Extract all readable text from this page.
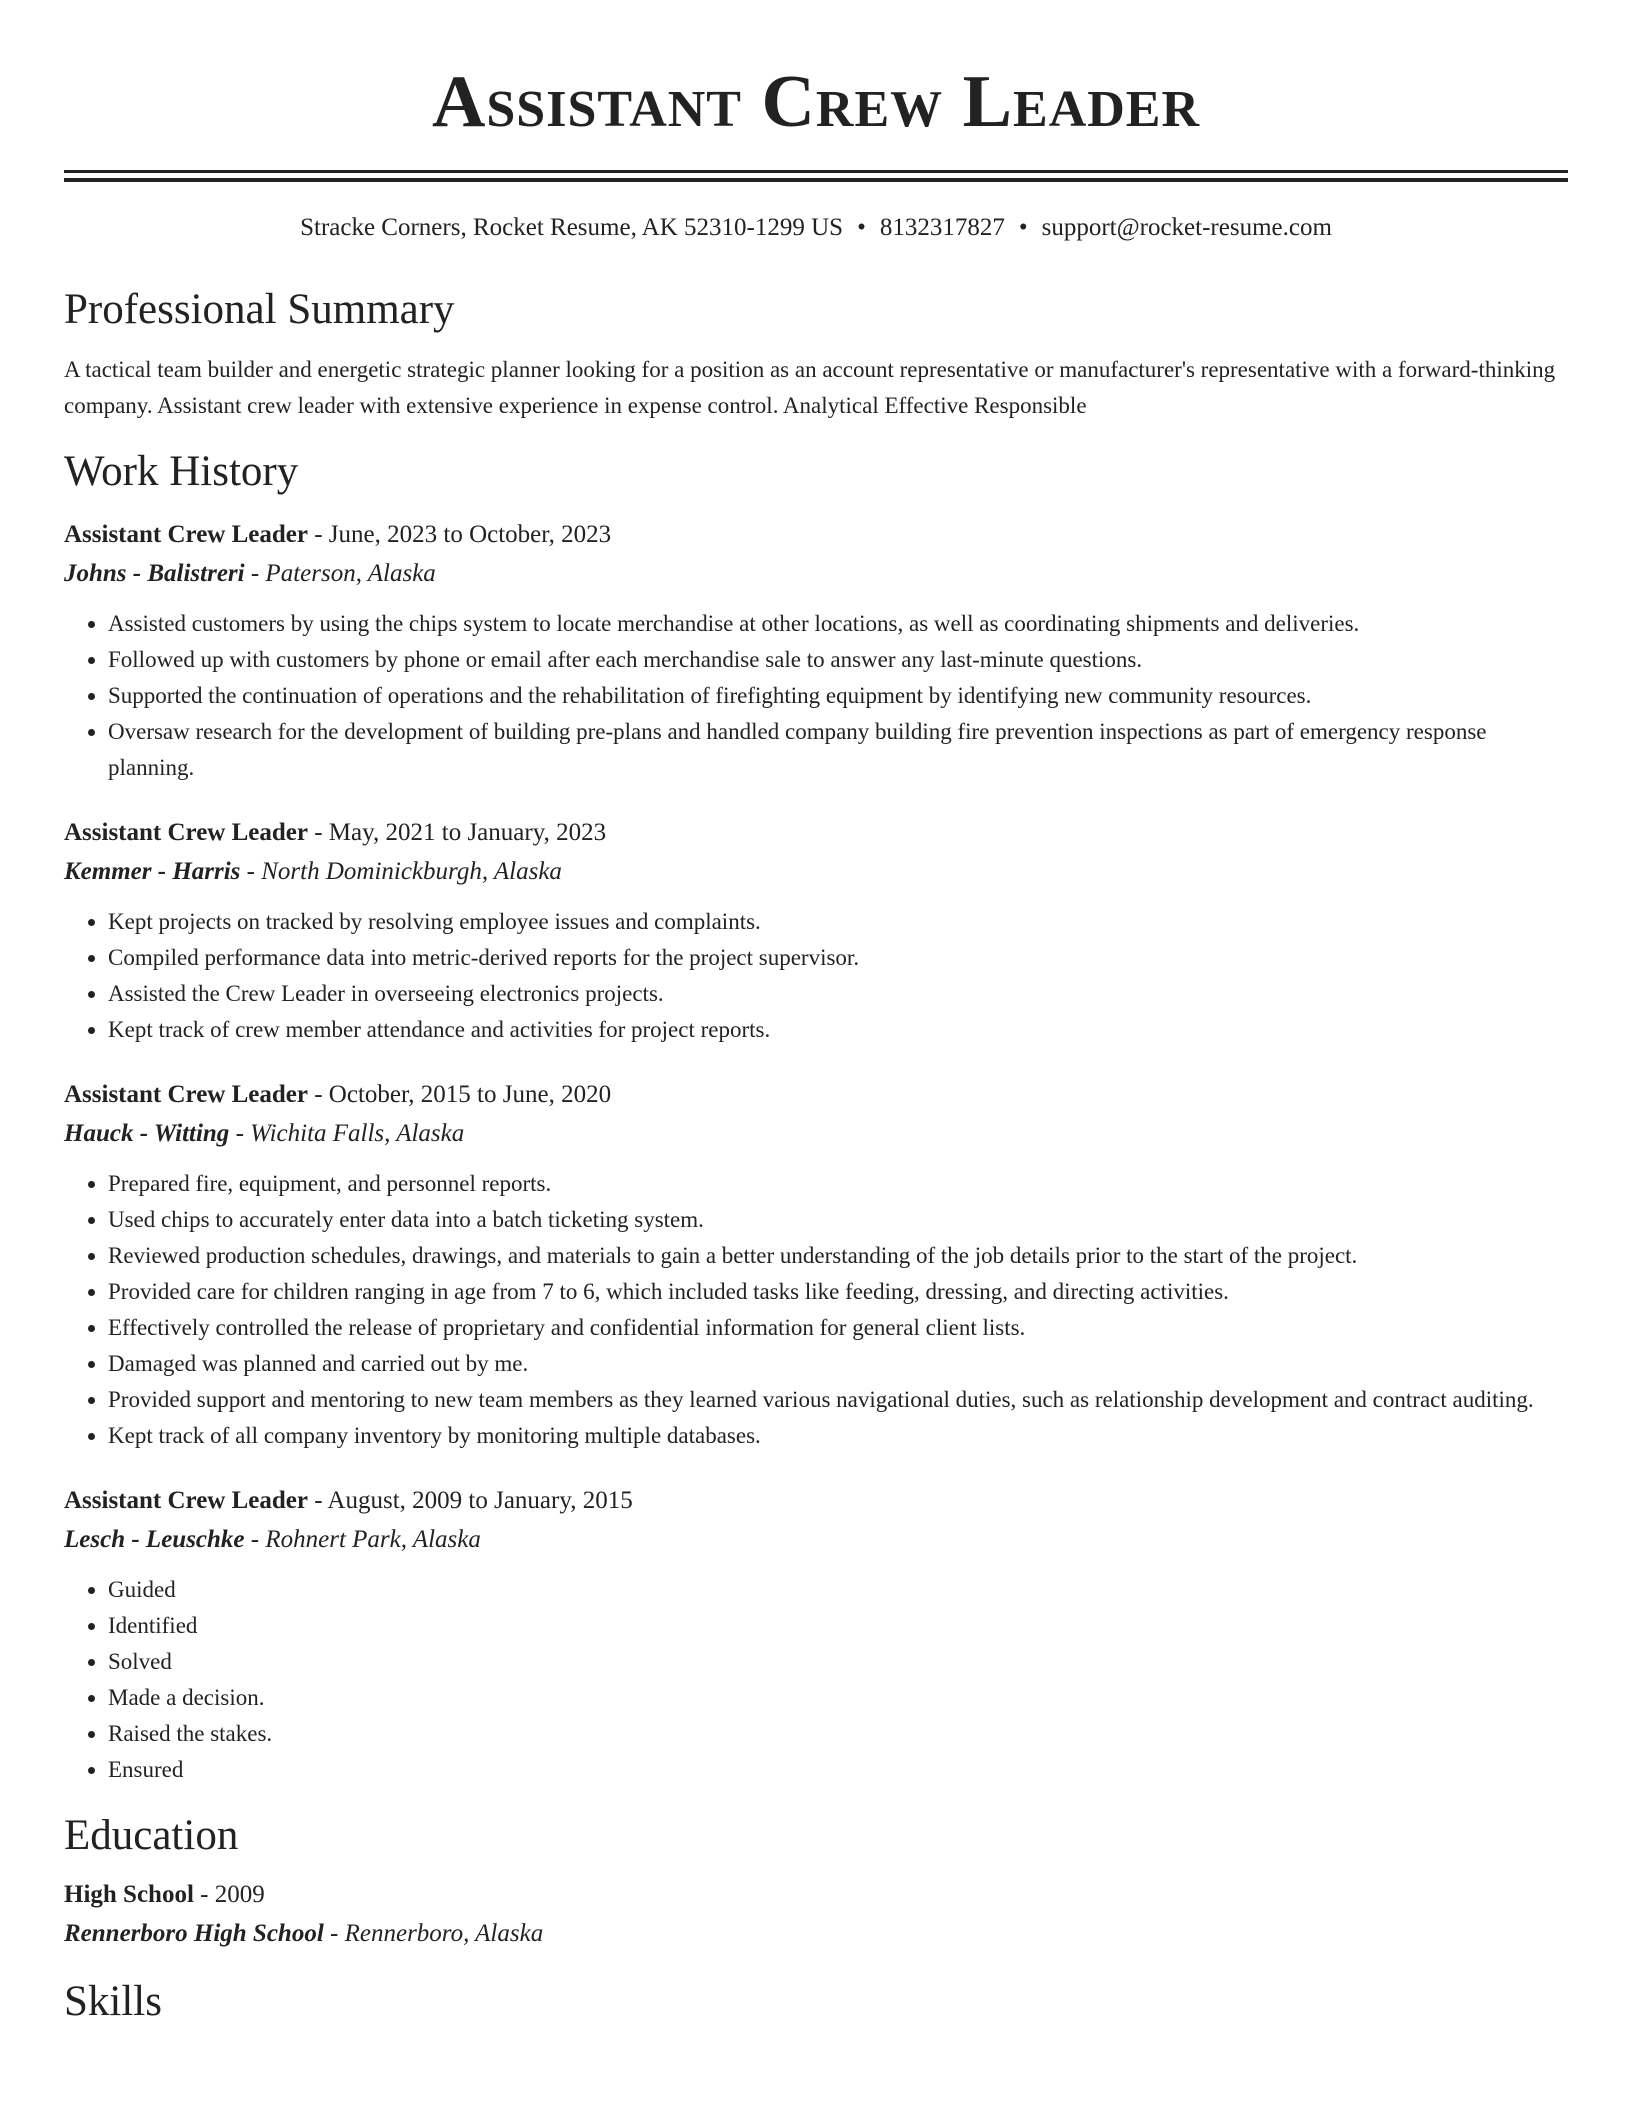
Assistant Crew Leader
Stracke Corners, Rocket Resume, AK 52310-1299 US • 8132317827 • support@rocket-resume.com
Professional Summary
A tactical team builder and energetic strategic planner looking for a position as an account representative or manufacturer's representative with a forward-thinking company. Assistant crew leader with extensive experience in expense control. Analytical Effective Responsible
Work History
Assistant Crew Leader - June, 2023 to October, 2023
Johns - Balistreri - Paterson, Alaska
• Assisted customers by using the chips system to locate merchandise at other locations, as well as coordinating shipments and deliveries.
• Followed up with customers by phone or email after each merchandise sale to answer any last-minute questions.
• Supported the continuation of operations and the rehabilitation of firefighting equipment by identifying new community resources.
• Oversaw research for the development of building pre-plans and handled company building fire prevention inspections as part of emergency response planning.
Assistant Crew Leader - May, 2021 to January, 2023
Kemmer - Harris - North Dominickburgh, Alaska
• Kept projects on tracked by resolving employee issues and complaints.
• Compiled performance data into metric-derived reports for the project supervisor.
• Assisted the Crew Leader in overseeing electronics projects.
• Kept track of crew member attendance and activities for project reports.
Assistant Crew Leader - October, 2015 to June, 2020
Hauck - Witting - Wichita Falls, Alaska
• Prepared fire, equipment, and personnel reports.
• Used chips to accurately enter data into a batch ticketing system.
• Reviewed production schedules, drawings, and materials to gain a better understanding of the job details prior to the start of the project.
• Provided care for children ranging in age from 7 to 6, which included tasks like feeding, dressing, and directing activities.
• Effectively controlled the release of proprietary and confidential information for general client lists.
• Damaged was planned and carried out by me.
• Provided support and mentoring to new team members as they learned various navigational duties, such as relationship development and contract auditing.
• Kept track of all company inventory by monitoring multiple databases.
Assistant Crew Leader - August, 2009 to January, 2015
Lesch - Leuschke - Rohnert Park, Alaska
• Guided
• Identified
• Solved
• Made a decision.
• Raised the stakes.
• Ensured
Education
High School - 2009
Rennerboro High School - Rennerboro, Alaska
Skills
